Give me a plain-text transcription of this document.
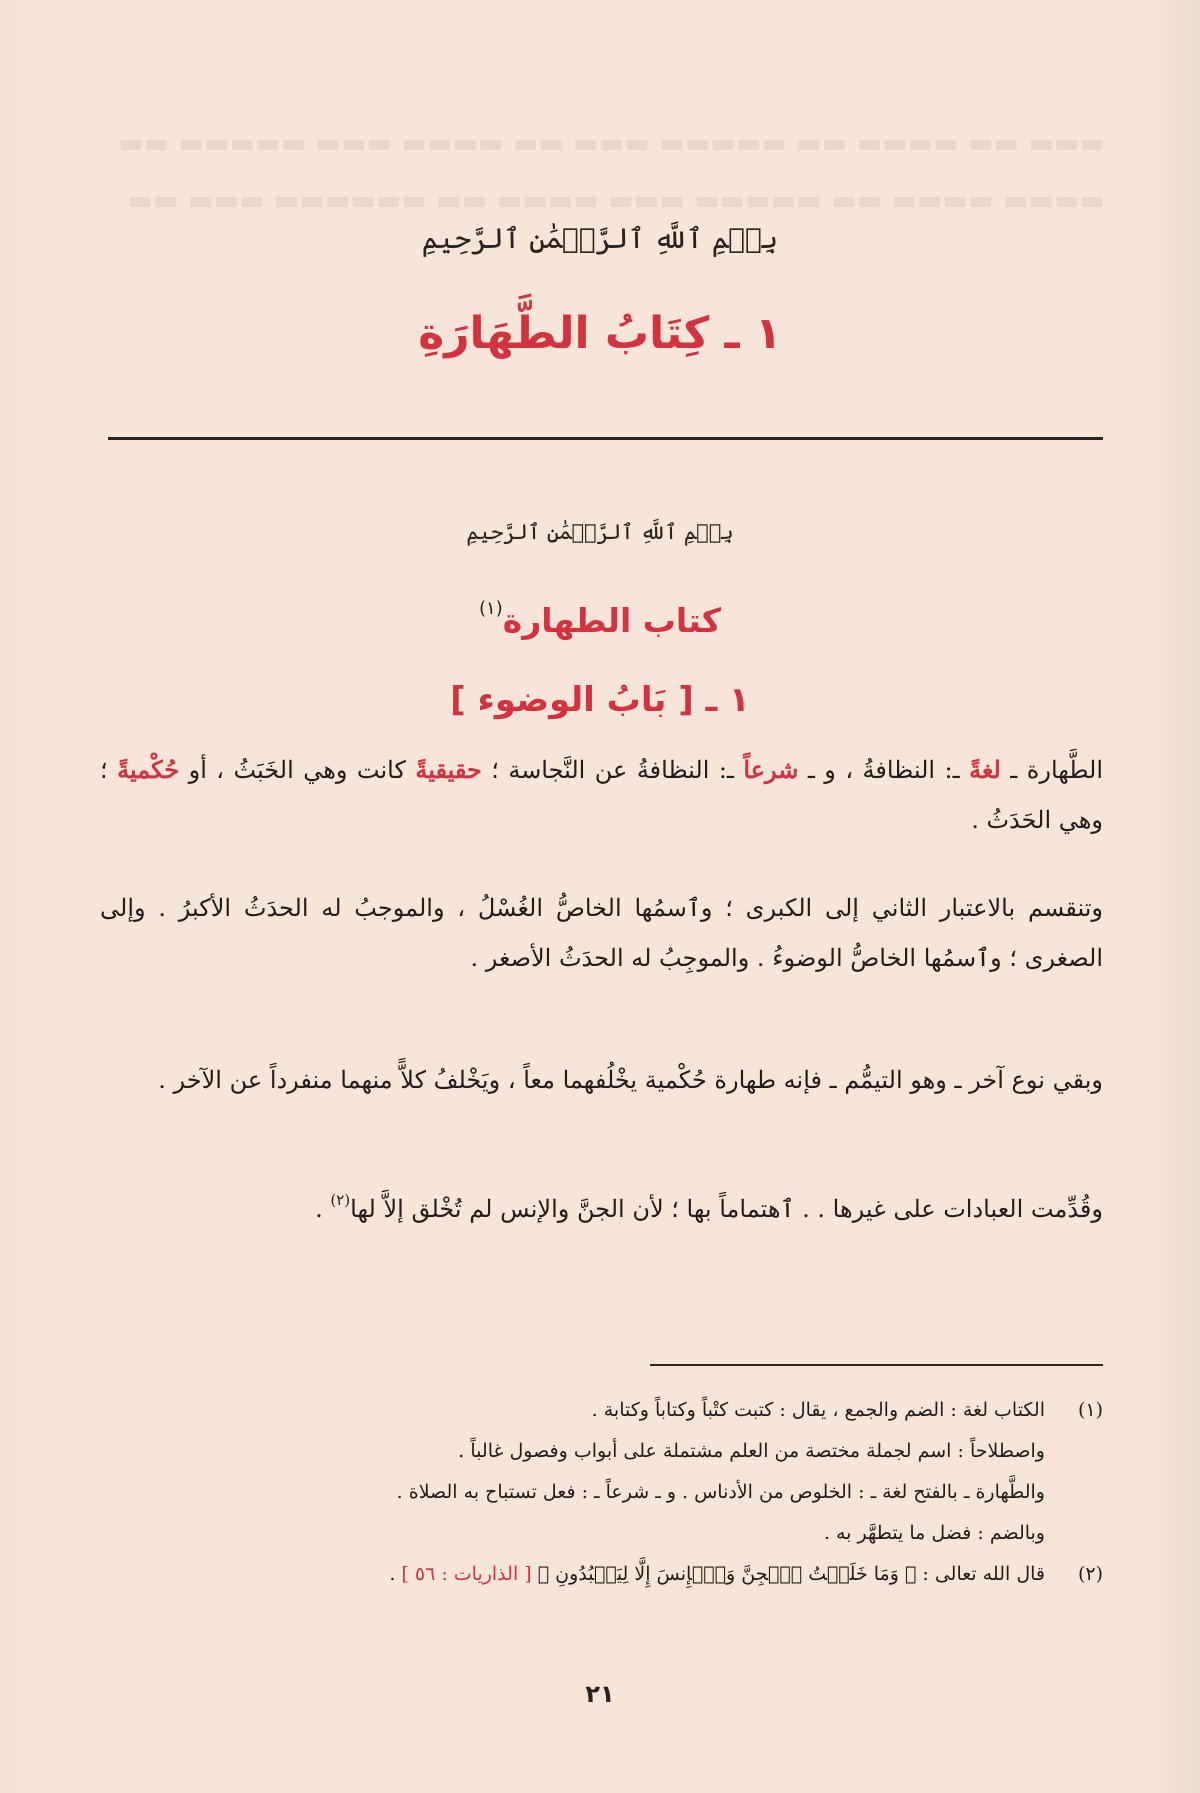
▬▬▬ ▬▬ ▬▬▬▬ ▬▬ ▬▬▬▬▬ ▬▬▬ ▬▬ ▬▬▬▬ ▬▬▬ ▬▬▬▬▬ ▬▬
▬▬▬▬ ▬▬▬▬ ▬▬ ▬▬▬▬▬ ▬▬▬ ▬▬▬▬ ▬▬ ▬▬▬▬▬▬ ▬▬▬ ▬▬
بِسۡمِ ٱللَّهِ ٱلرَّحۡمَٰنِ ٱلرَّحِيمِ
١ ـ كِتَابُ الطَّهَارَةِ
بِسۡمِ ٱللَّهِ ٱلرَّحۡمَٰنِ ٱلرَّحِيمِ
كتاب الطهارة$^{(١)}$
١ ـ [ بَابُ الوضوء ]

الطَّهارة ـ لغةً ـ: النظافةُ ، و ـ شرعاً ـ: النظافةُ عن النَّجاسة ؛ حقيقيةً كانت وهي الخَبَثُ ، أو حُكْميةً ؛ وهي الحَدَثُ .

وتنقسم بالاعتبار الثاني إلى الكبرى ؛ وٱسمُها الخاصُّ الغُسْلُ ، والموجبُ له الحدَثُ الأكبرُ . وإلى الصغرى ؛ وٱسمُها الخاصُّ الوضوءُ . والموجِبُ له الحدَثُ الأصغر .

وبقي نوع آخر ـ وهو التيمُّم ـ فإنه طهارة حُكْمية يخْلُفهما معاً ، ويَخْلفُ كلاًّ منهما منفرداً عن الآخر .

وقُدِّمت العبادات على غيرها . . ٱهتماماً بها ؛ لأن الجنَّ والإنس لم تُخْلق إلاَّ لها$^{(٢)}$ .

(١)
الكتاب لغة : الضم والجمع ، يقال : كتبت كتْباً وكتاباً وكتابة .
واصطلاحاً : اسم لجملة مختصة من العلم مشتملة على أبواب وفصول غالباً .
والطَّهارة ـ بالفتح لغة ـ : الخلوص من الأدناس . و ـ شرعاً ـ : فعل تستباح به الصلاة .
وبالضم : فضل ما يتطهَّر به .
(٢)
قال الله تعالى : ﴿ وَمَا خَلَقۡتُ ٱلۡجِنَّ وَٱلۡإِنسَ إِلَّا لِيَعۡبُدُونِ ﴾ [ الذاريات : ٥٦ ] .
٢١
